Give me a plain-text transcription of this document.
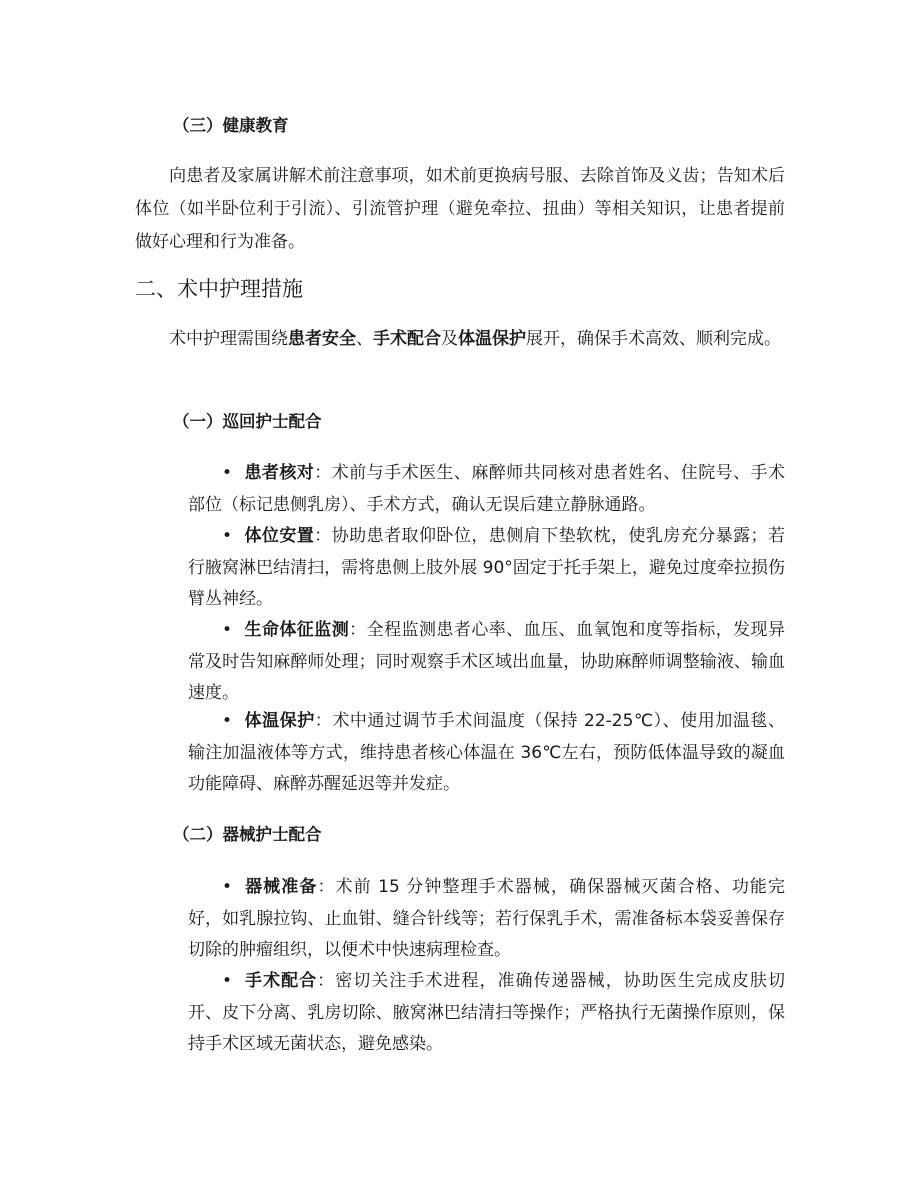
（三）健康教育

向患者及家属讲解术前注意事项，如术前更换病号服、去除首饰及义齿；告知术后体位（如半卧位利于引流）、引流管护理（避免牵拉、扭曲）等相关知识，让患者提前做好心理和行为准备。

二、术中护理措施

术中护理需围绕患者安全、手术配合及体温保护展开，确保手术高效、顺利完成。

（一）巡回护士配合

• 患者核对：术前与手术医生、麻醉师共同核对患者姓名、住院号、手术部位（标记患侧乳房）、手术方式，确认无误后建立静脉通路。

• 体位安置：协助患者取仰卧位，患侧肩下垫软枕，使乳房充分暴露；若行腋窝淋巴结清扫，需将患侧上肢外展 90°固定于托手架上，避免过度牵拉损伤臂丛神经。

• 生命体征监测：全程监测患者心率、血压、血氧饱和度等指标，发现异常及时告知麻醉师处理；同时观察手术区域出血量，协助麻醉师调整输液、输血速度。

• 体温保护：术中通过调节手术间温度（保持 22-25℃）、使用加温毯、输注加温液体等方式，维持患者核心体温在 36℃左右，预防低体温导致的凝血功能障碍、麻醉苏醒延迟等并发症。

（二）器械护士配合

• 器械准备：术前 15 分钟整理手术器械，确保器械灭菌合格、功能完好，如乳腺拉钩、止血钳、缝合针线等；若行保乳手术，需准备标本袋妥善保存切除的肿瘤组织，以便术中快速病理检查。

• 手术配合：密切关注手术进程，准确传递器械，协助医生完成皮肤切开、皮下分离、乳房切除、腋窝淋巴结清扫等操作；严格执行无菌操作原则，保持手术区域无菌状态，避免感染。
